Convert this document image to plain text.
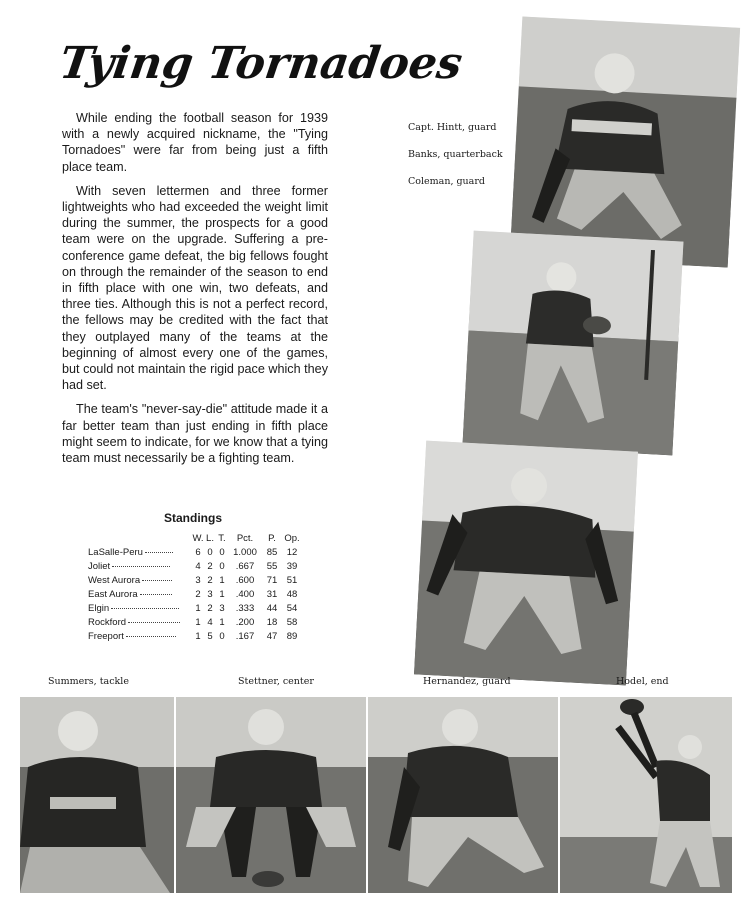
Tying Tornadoes

While ending the football season for 1939 with a newly acquired nickname, the "Tying Tornadoes" were far from being just a fifth place team.

With seven lettermen and three former lightweights who had exceeded the weight limit during the summer, the prospects for a good team were on the upgrade. Suffering a pre-conference game defeat, the big fellows fought on through the remainder of the season to end in fifth place with one win, two defeats, and three ties. Although this is not a perfect record, the fellows may be credited with the fact that they outplayed many of the teams at the beginning of almost every one of the games, but could not maintain the rigid pace which they had set.

The team's "never-say-die" attitude made it a far better team than just ending in fifth place might seem to indicate, for we know that a tying team must necessarily be a fighting team.

Standings
	W.	L.	T.	Pct.	P.	Op.
LaSalle-Peru	6	0	0	1.000	85	12
Joliet	4	2	0	.667	55	39
West Aurora	3	2	1	.600	71	51
East Aurora	2	3	1	.400	31	48
Elgin	1	2	3	.333	44	54
Rockford	1	4	1	.200	18	58
Freeport	1	5	0	.167	47	89
Capt. Hintt, guard
Banks, quarterback
Coleman, guard
Summers, tackle	Stettner, center	Hernandez, guard	Hodel, end
